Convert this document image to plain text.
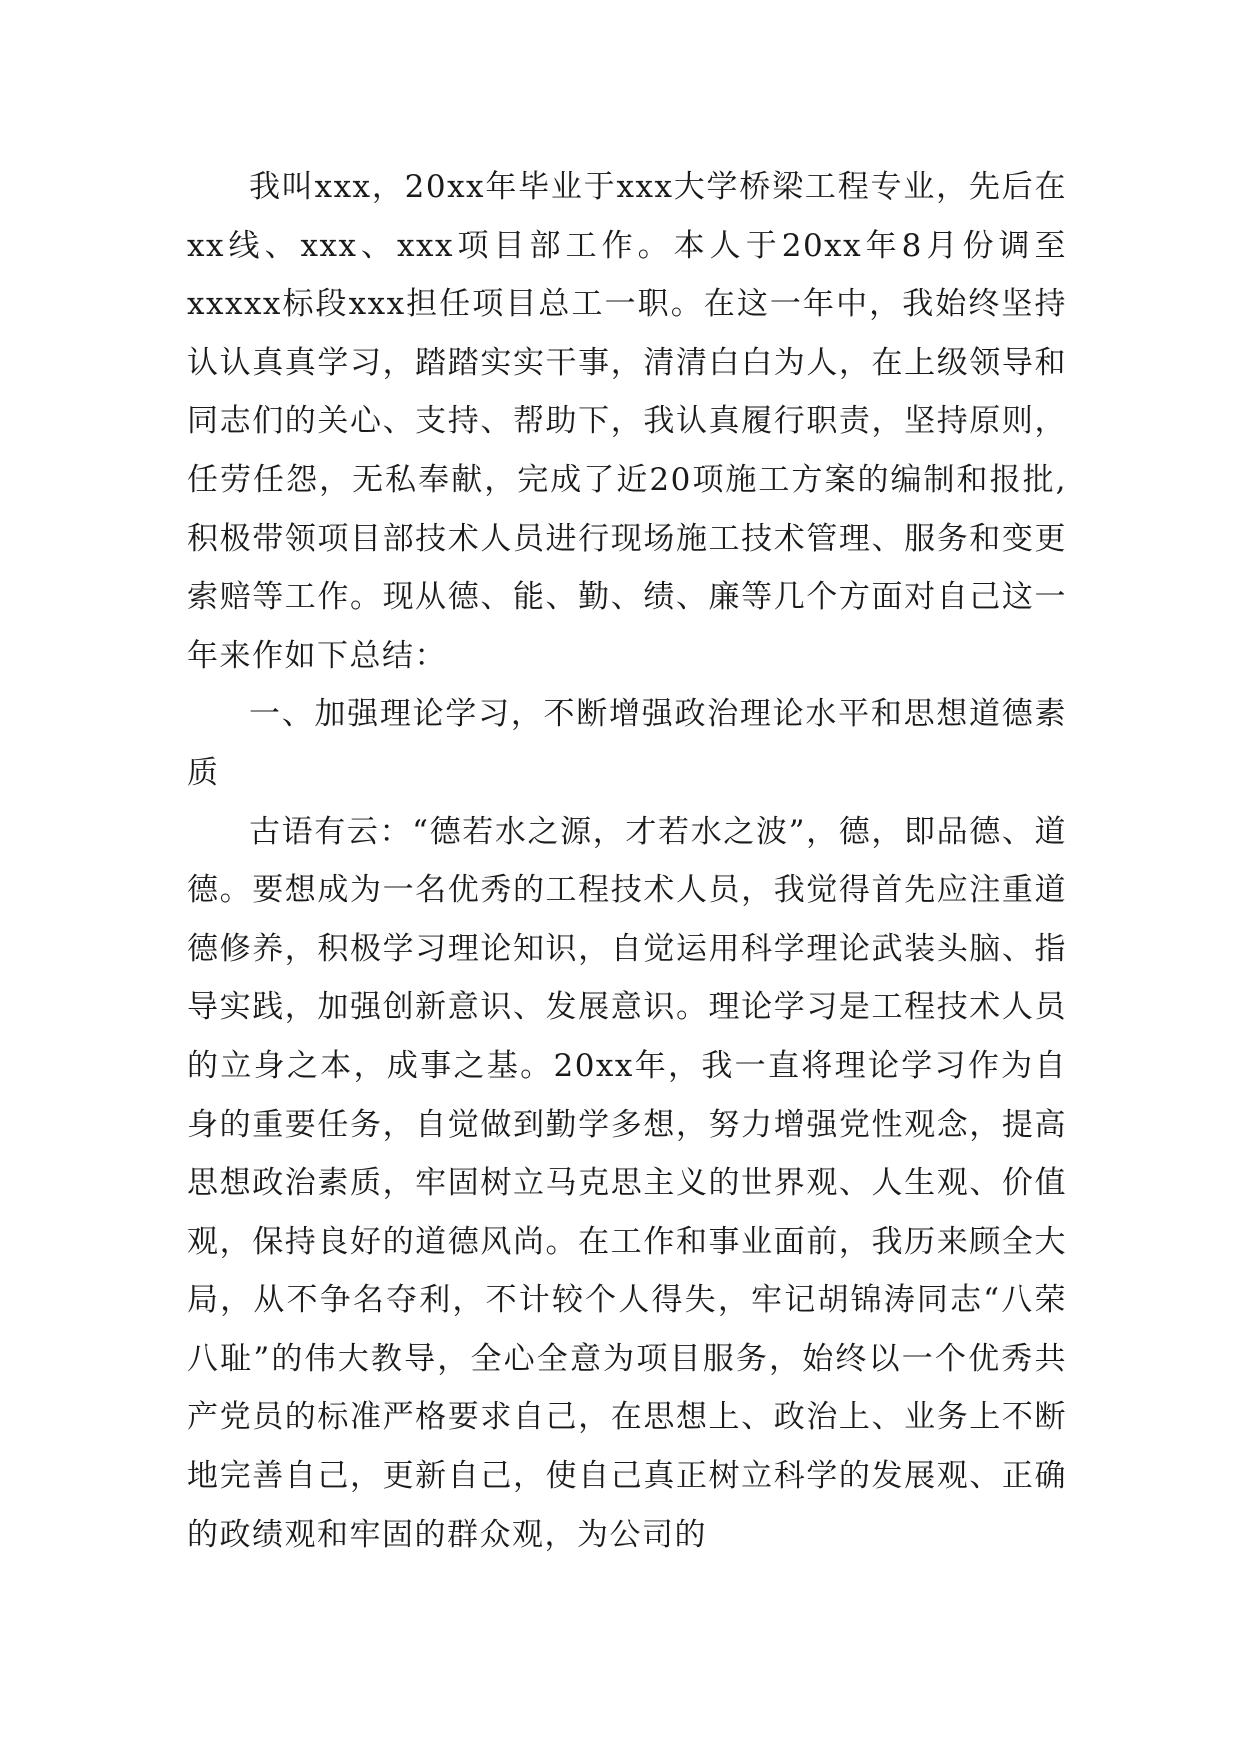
我叫xxx，20xx年毕业于xxx大学桥梁工程专业，先后在xx线、xxx、xxx项目部工作。本人于20xx年8月份调至xxxxx标段xxx担任项目总工一职。在这一年中，我始终坚持认认真真学习，踏踏实实干事，清清白白为人，在上级领导和同志们的关心、支持、帮助下，我认真履行职责，坚持原则，任劳任怨，无私奉献，完成了近20项施工方案的编制和报批,积极带领项目部技术人员进行现场施工技术管理、服务和变更索赔等工作。现从德、能、勤、绩、廉等几个方面对自己这一年来作如下总结：

一、加强理论学习，不断增强政治理论水平和思想道德素质

古语有云：“德若水之源，才若水之波”，德，即品德、道德。要想成为一名优秀的工程技术人员，我觉得首先应注重道德修养，积极学习理论知识，自觉运用科学理论武装头脑、指导实践，加强创新意识、发展意识。理论学习是工程技术人员的立身之本，成事之基。20xx年，我一直将理论学习作为自身的重要任务，自觉做到勤学多想，努力增强党性观念，提高思想政治素质，牢固树立马克思主义的世界观、人生观、价值观，保持良好的道德风尚。在工作和事业面前，我历来顾全大局，从不争名夺利，不计较个人得失，牢记胡锦涛同志“八荣八耻”的伟大教导，全心全意为项目服务，始终以一个优秀共产党员的标准严格要求自己，在思想上、政治上、业务上不断地完善自己，更新自己，使自己真正树立科学的发展观、正确的政绩观和牢固的群众观，为公司的
